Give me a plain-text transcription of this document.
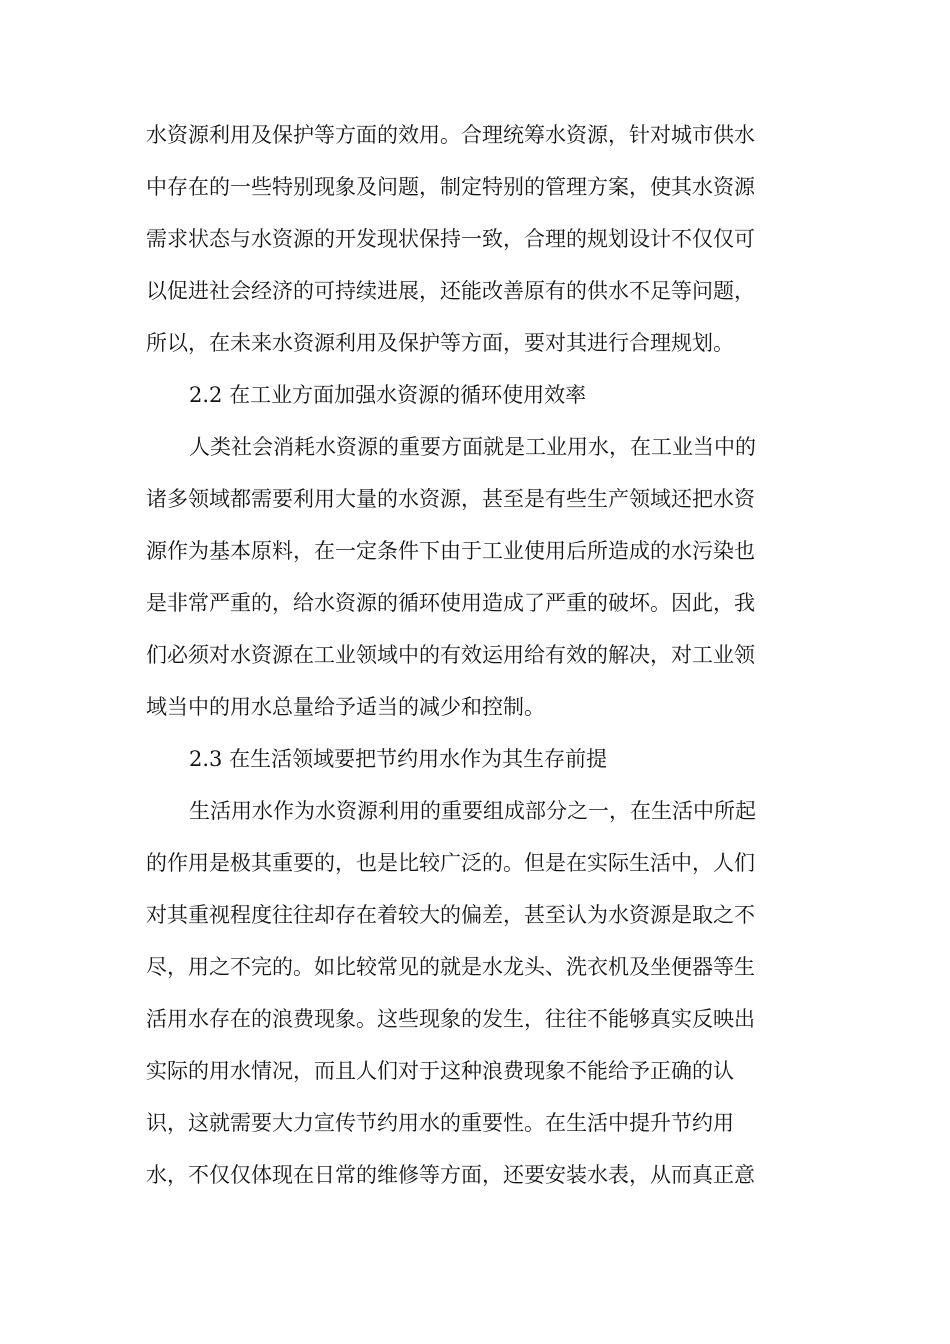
水资源利用及保护等方面的效用。合理统筹水资源，针对城市供水
中存在的一些特别现象及问题，制定特别的管理方案，使其水资源
需求状态与水资源的开发现状保持一致，合理的规划设计不仅仅可
以促进社会经济的可持续进展，还能改善原有的供水不足等问题，
所以，在未来水资源利用及保护等方面，要对其进行合理规划。
2.2 在工业方面加强水资源的循环使用效率
人类社会消耗水资源的重要方面就是工业用水，在工业当中的
诸多领域都需要利用大量的水资源，甚至是有些生产领域还把水资
源作为基本原料，在一定条件下由于工业使用后所造成的水污染也
是非常严重的，给水资源的循环使用造成了严重的破坏。因此，我
们必须对水资源在工业领域中的有效运用给有效的解决，对工业领
域当中的用水总量给予适当的减少和控制。
2.3 在生活领域要把节约用水作为其生存前提
生活用水作为水资源利用的重要组成部分之一，在生活中所起
的作用是极其重要的，也是比较广泛的。但是在实际生活中，人们
对其重视程度往往却存在着较大的偏差，甚至认为水资源是取之不
尽，用之不完的。如比较常见的就是水龙头、洗衣机及坐便器等生
活用水存在的浪费现象。这些现象的发生，往往不能够真实反映出
实际的用水情况，而且人们对于这种浪费现象不能给予正确的认
识，这就需要大力宣传节约用水的重要性。在生活中提升节约用
水，不仅仅体现在日常的维修等方面，还要安装水表，从而真正意
